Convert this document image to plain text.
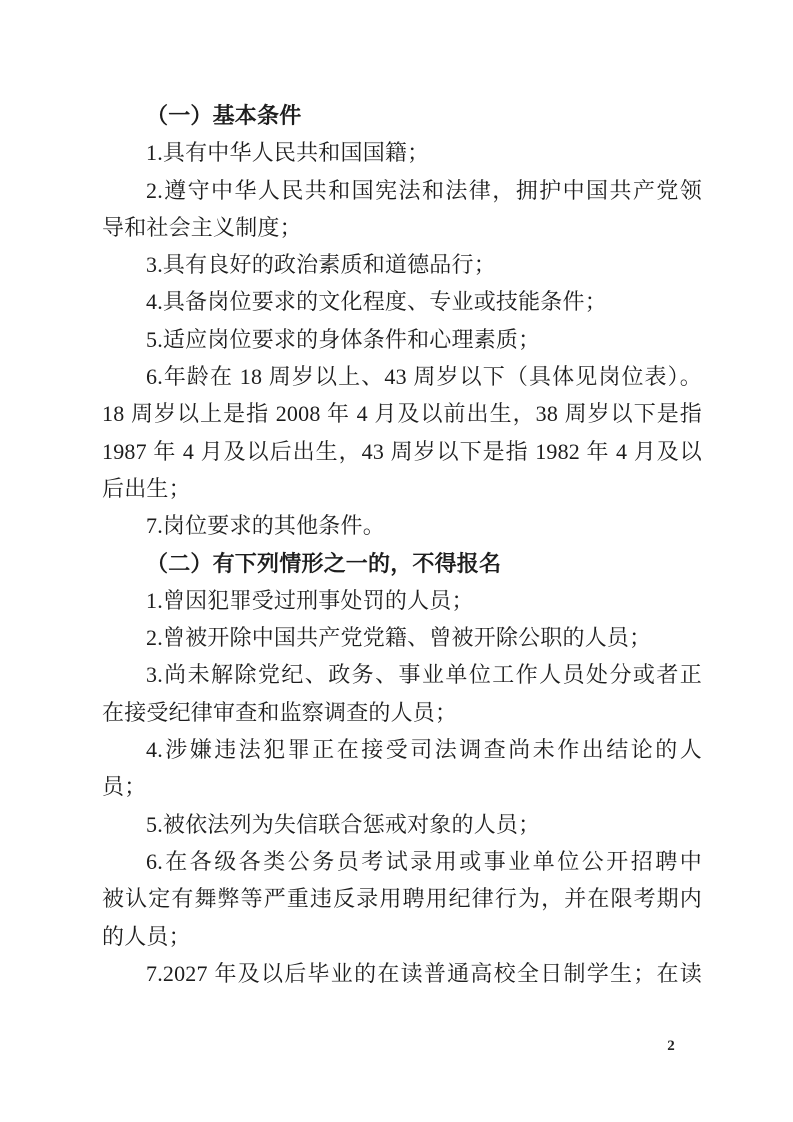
（一）基本条件
1.具有中华人民共和国国籍；
2.遵守中华人民共和国宪法和法律，拥护中国共产党领
导和社会主义制度；
3.具有良好的政治素质和道德品行；
4.具备岗位要求的文化程度、专业或技能条件；
5.适应岗位要求的身体条件和心理素质；
6.年龄在 18 周岁以上、43 周岁以下（具体见岗位表）。
18 周岁以上是指 2008 年 4 月及以前出生，38 周岁以下是指
1987 年 4 月及以后出生，43 周岁以下是指 1982 年 4 月及以
后出生；
7.岗位要求的其他条件。
（二）有下列情形之一的，不得报名
1.曾因犯罪受过刑事处罚的人员；
2.曾被开除中国共产党党籍、曾被开除公职的人员；
3.尚未解除党纪、政务、事业单位工作人员处分或者正
在接受纪律审查和监察调查的人员；
4.涉嫌违法犯罪正在接受司法调查尚未作出结论的人
员；
5.被依法列为失信联合惩戒对象的人员；
6.在各级各类公务员考试录用或事业单位公开招聘中
被认定有舞弊等严重违反录用聘用纪律行为，并在限考期内
的人员；
7.2027 年及以后毕业的在读普通高校全日制学生；在读
2
